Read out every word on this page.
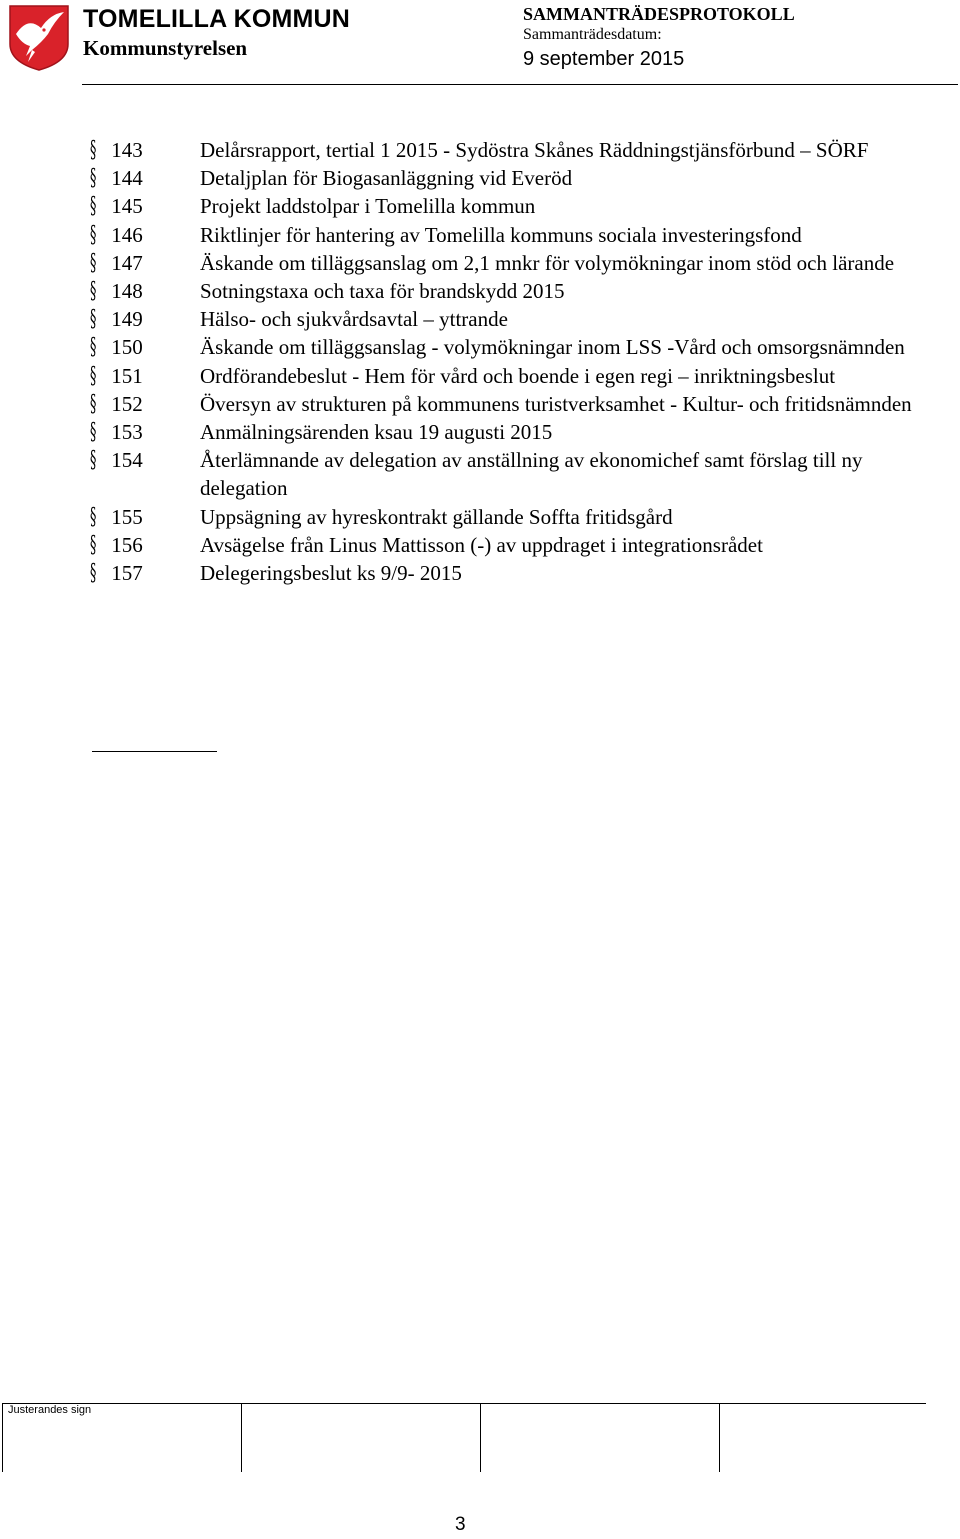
TOMELILLA KOMMUN
Kommunstyrelsen
SAMMANTRÄDESPROTOKOLL
Sammanträdesdatum:
9 september 2015
§ 143	Delårsrapport, tertial 1 2015 - Sydöstra Skånes Räddningstjänsförbund – SÖRF
§ 144	Detaljplan för Biogasanläggning vid Everöd
§ 145	Projekt laddstolpar i Tomelilla kommun
§ 146	Riktlinjer för hantering av Tomelilla kommuns sociala investeringsfond
§ 147	Äskande om tilläggsanslag om 2,1 mnkr för volymökningar inom stöd och lärande
§ 148	Sotningstaxa och taxa för brandskydd 2015
§ 149	Hälso- och sjukvårdsavtal – yttrande
§ 150	Äskande om tilläggsanslag - volymökningar inom LSS -Vård och omsorgsnämnden
§ 151	Ordförandebeslut - Hem för vård och boende i egen regi – inriktningsbeslut
§ 152	Översyn av strukturen på kommunens turistverksamhet - Kultur- och fritidsnämnden
§ 153	Anmälningsärenden ksau 19 augusti 2015
§ 154	Återlämnande av delegation av anställning av ekonomichef samt förslag till ny delegation
§ 155	Uppsägning av hyreskontrakt gällande Soffta fritidsgård
§ 156	Avsägelse från Linus Mattisson (-) av uppdraget i integrationsrådet
§ 157	Delegeringsbeslut ks 9/9- 2015
Justerandes sign
3
